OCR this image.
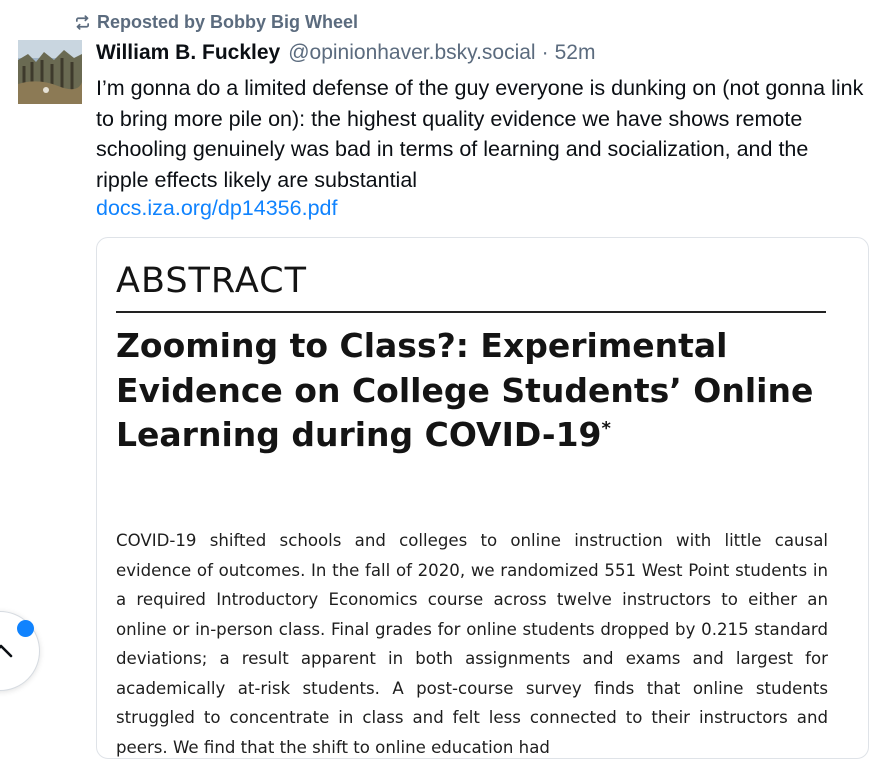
Reposted by Bobby Big Wheel
William B. Fuckley @opinionhaver.bsky.social · 52m
I’m gonna do a limited defense of the guy everyone is dunking on (not gonna link to bring more pile on): the highest quality evidence we have shows remote schooling genuinely was bad in terms of learning and socialization, and the ripple effects likely are substantial
docs.iza.org/dp14356.pdf
ABSTRACT
Zooming to Class?: Experimental Evidence on College Students’ Online Learning during COVID-19*
COVID-19 shifted schools and colleges to online instruction with little causal evidence of outcomes. In the fall of 2020, we randomized 551 West Point students in a required Introductory Economics course across twelve instructors to either an online or in-person class. Final grades for online students dropped by 0.215 standard deviations; a result apparent in both assignments and exams and largest for academically at-risk students. A post-course survey finds that online students struggled to concentrate in class and felt less connected to their instructors and peers. We find that the shift to online education had
